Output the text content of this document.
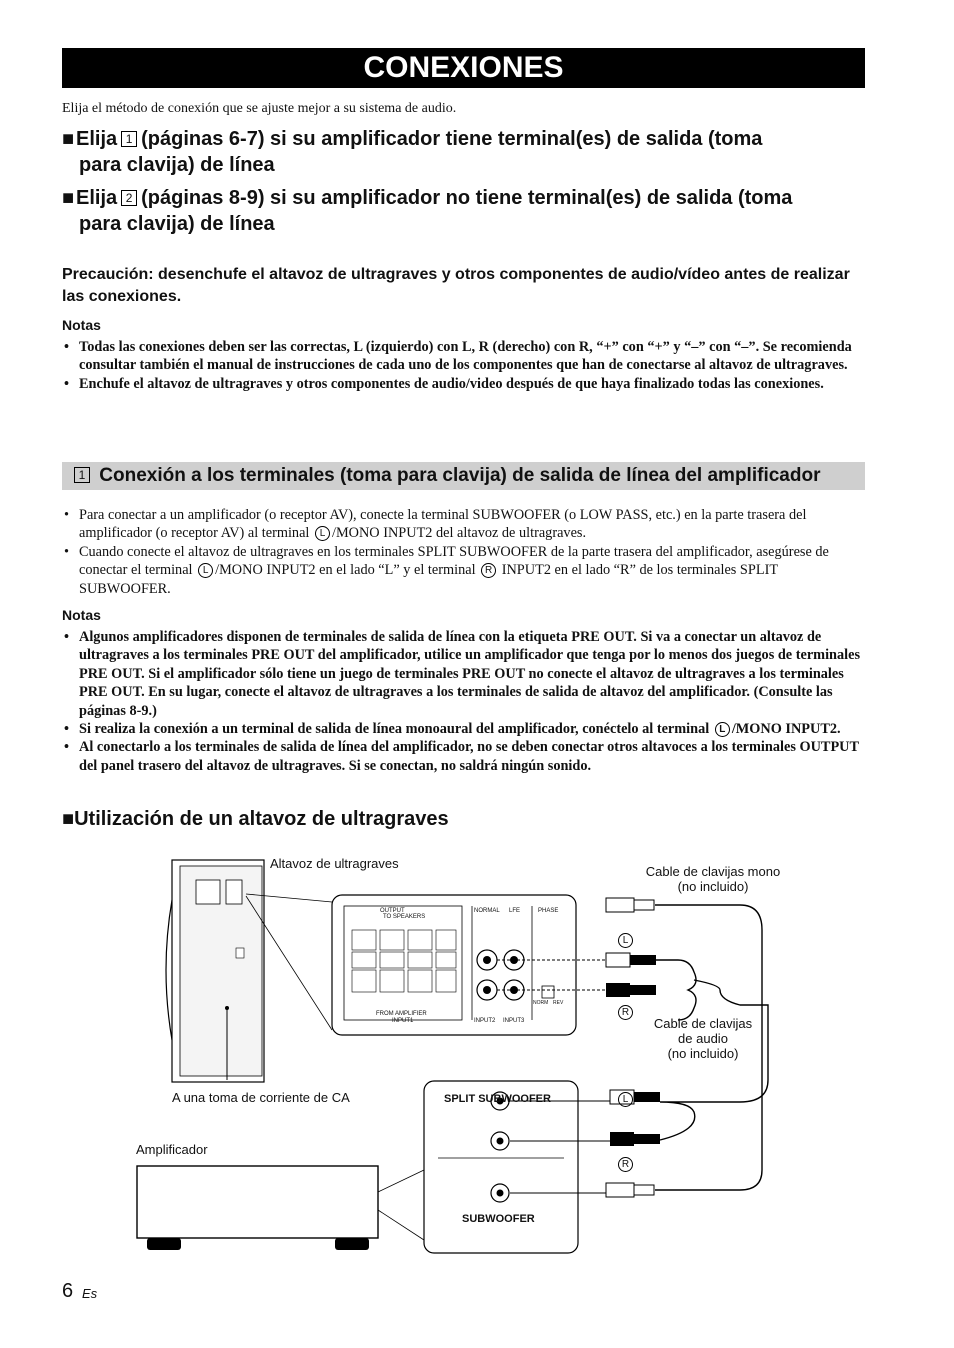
CONEXIONES
Elija el método de conexión que se ajuste mejor a su sistema de audio.
■Elija 1 (páginas 6-7) si su amplificador tiene terminal(es) de salida (toma
para clavija) de línea
■Elija 2 (páginas 8-9) si su amplificador no tiene terminal(es) de salida (toma
para clavija) de línea
Precaución: desenchufe el altavoz de ultragraves y otros componentes de audio/vídeo antes de realizar las conexiones.
Notas
• Todas las conexiones deben ser las correctas, L (izquierdo) con L, R (derecho) con R, “+” con “+” y “–” con “–”. Se recomienda consultar también el manual de instrucciones de cada uno de los componentes que han de conectarse al altavoz de ultragraves.
• Enchufe el altavoz de ultragraves y otros componentes de audio/video después de que haya finalizado todas las conexiones.
1 Conexión a los terminales (toma para clavija) de salida de línea del amplificador
• Para conectar a un amplificador (o receptor AV), conecte la terminal SUBWOOFER (o LOW PASS, etc.) en la parte trasera del amplificador (o receptor AV) al terminal L /MONO INPUT2 del altavoz de ultragraves.
• Cuando conecte el altavoz de ultragraves en los terminales SPLIT SUBWOOFER de la parte trasera del amplificador, asegúrese de conectar el terminal L /MONO INPUT2 en el lado “L” y el terminal R INPUT2 en el lado “R” de los terminales SPLIT SUBWOOFER.
Notas
• Algunos amplificadores disponen de terminales de salida de línea con la etiqueta PRE OUT. Si va a conectar un altavoz de ultragraves a los terminales PRE OUT del amplificador, utilice un amplificador que tenga por lo menos dos juegos de terminales PRE OUT. Si el amplificador sólo tiene un juego de terminales PRE OUT no conecte el altavoz de ultragraves a los terminales PRE OUT. En su lugar, conecte el altavoz de ultragraves a los terminales de salida de altavoz del amplificador. (Consulte las páginas 8-9.)
• Si realiza la conexión a un terminal de salida de línea monoaural del amplificador, conéctelo al terminal L /MONO INPUT2.
• Al conectarlo a los terminales de salida de línea del amplificador, no se deben conectar otros altavoces a los terminales OUTPUT del panel trasero del altavoz de ultragraves. Si se conectan, no saldrá ningún sonido.
■Utilización de un altavoz de ultragraves
Altavoz de ultragraves
Cable de clavijas mono
(no incluido)
Cable de clavijas
de audio
(no incluido)
A una toma de corriente de CA
Amplificador
OUTPUT
TO SPEAKERS
FROM AMPLIFIER
INPUT1	INPUT2 INPUT3
NORMAL LFE	PHASE
NORM REV
SPLIT SUBWOOFER
SUBWOOFER
L
R
L
R
6 Es
